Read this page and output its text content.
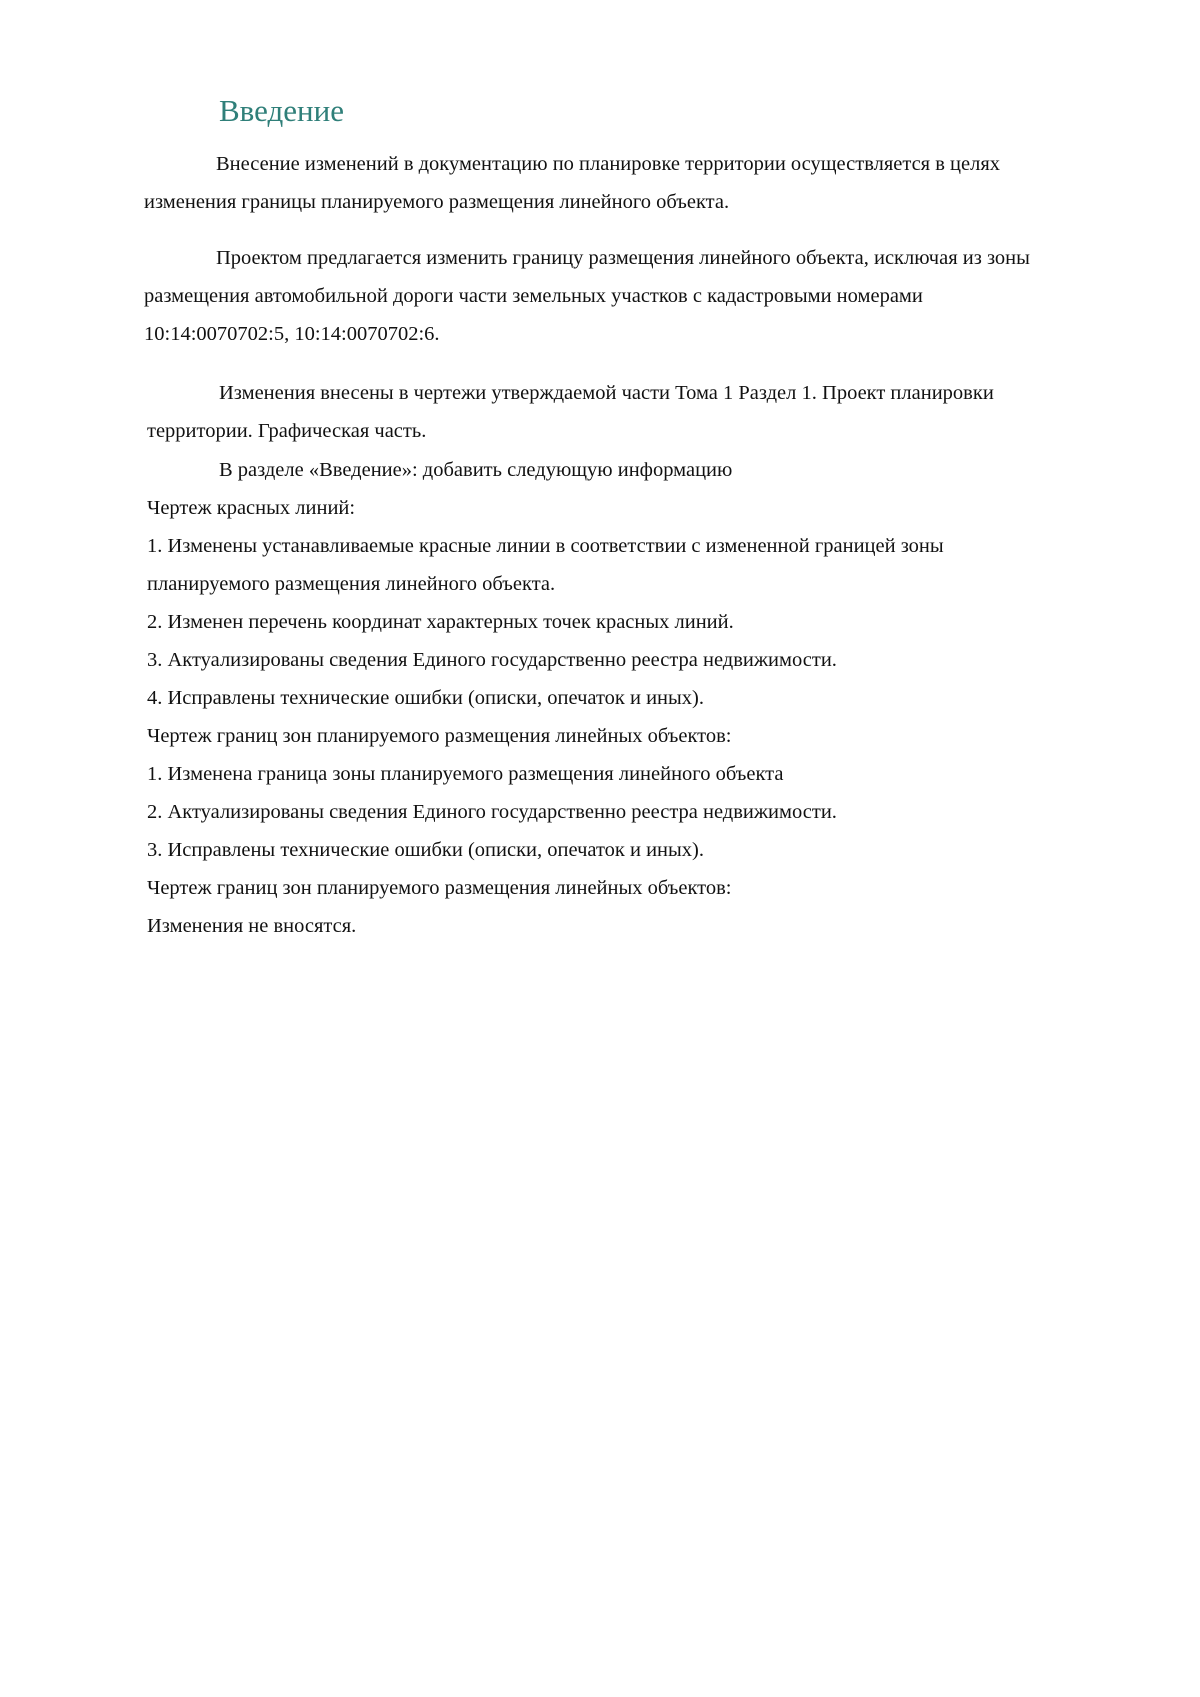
Введение

Внесение изменений в документацию по планировке территории осуществляется в целях

изменения границы планируемого размещения линейного объекта.

Проектом предлагается изменить границу размещения линейного объекта, исключая из зоны

размещения автомобильной дороги части земельных участков с кадастровыми номерами

10:14:0070702:5, 10:14:0070702:6.

Изменения внесены в чертежи утверждаемой части Тома 1 Раздел 1. Проект планировки

территории. Графическая часть.

В разделе «Введение»: добавить следующую информацию

Чертеж красных линий:

1. Изменены устанавливаемые красные линии в соответствии с измененной границей зоны

планируемого размещения линейного объекта.

2. Изменен перечень координат характерных точек красных линий.

3. Актуализированы сведения Единого государственно реестра недвижимости.

4. Исправлены технические ошибки (описки, опечаток и иных).

Чертеж границ зон планируемого размещения линейных объектов:

1. Изменена граница зоны планируемого размещения линейного объекта

2. Актуализированы сведения Единого государственно реестра недвижимости.

3. Исправлены технические ошибки (описки, опечаток и иных).

Чертеж границ зон планируемого размещения линейных объектов:

Изменения не вносятся.
